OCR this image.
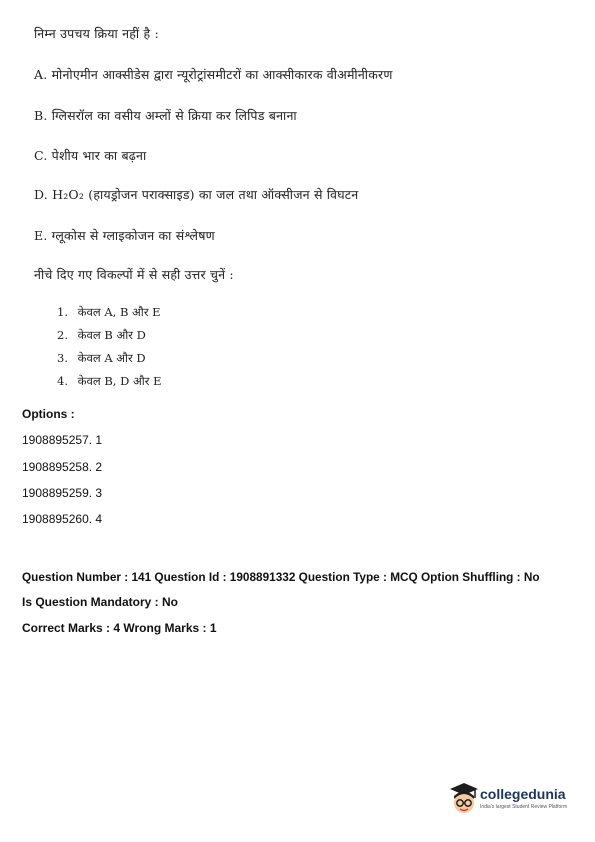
निम्न उपचय क्रिया नहीं है :
A. मोनोएमीन आक्सीडेस द्वारा न्यूरोट्रांसमीटरों का आक्सीकारक वीअमीनीकरण
B. ग्लिसरॉल का वसीय अम्लों से क्रिया कर लिपिड बनाना
C. पेशीय भार का बढ़ना
D. H₂O₂ (हायड्रोजन पराक्साइड) का जल तथा ऑक्सीजन से विघटन
E. ग्लूकोस से ग्लाइकोजन का संश्लेषण
नीचे दिए गए विकल्पों में से सही उत्तर चुनें :
1. केवल A, B और E
2. केवल B और D
3. केवल A और D
4. केवल B, D और E
Options :
1908895257. 1
1908895258. 2
1908895259. 3
1908895260. 4
Question Number : 141 Question Id : 1908891332 Question Type : MCQ Option Shuffling : No
Is Question Mandatory : No
Correct Marks : 4 Wrong Marks : 1
collegedunia
India's largest Student Review Platform
